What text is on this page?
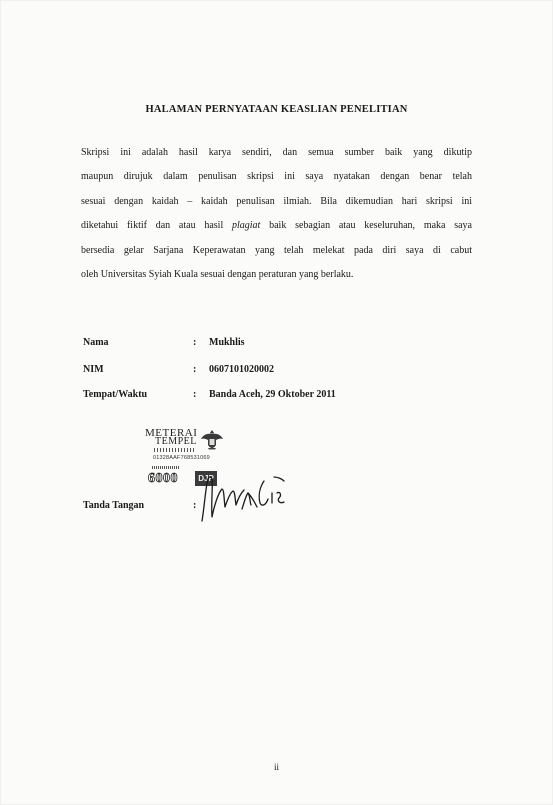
HALAMAN PERNYATAAN KEASLIAN PENELITIAN
Skripsi ini adalah hasil karya sendiri, dan semua sumber baik yang dikutip
maupun dirujuk dalam penulisan skripsi ini saya nyatakan dengan benar telah
sesuai dengan kaidah – kaidah penulisan ilmiah. Bila dikemudian hari skripsi ini
diketahui fiktif dan atau hasil plagiat baik sebagian atau keseluruhan, maka saya
bersedia gelar Sarjana Keperawatan yang telah melekat pada diri saya di cabut
oleh Universitas Syiah Kuala sesuai dengan peraturan yang berlaku.
Nama	: Mukhlis
NIM	: 0607101020002
Tempat/Waktu	: Banda Aceh, 29 Oktober 2011
METERAI
TEMPEL
01328AAF768531069
6000	DJP
Tanda Tangan	:
ii
